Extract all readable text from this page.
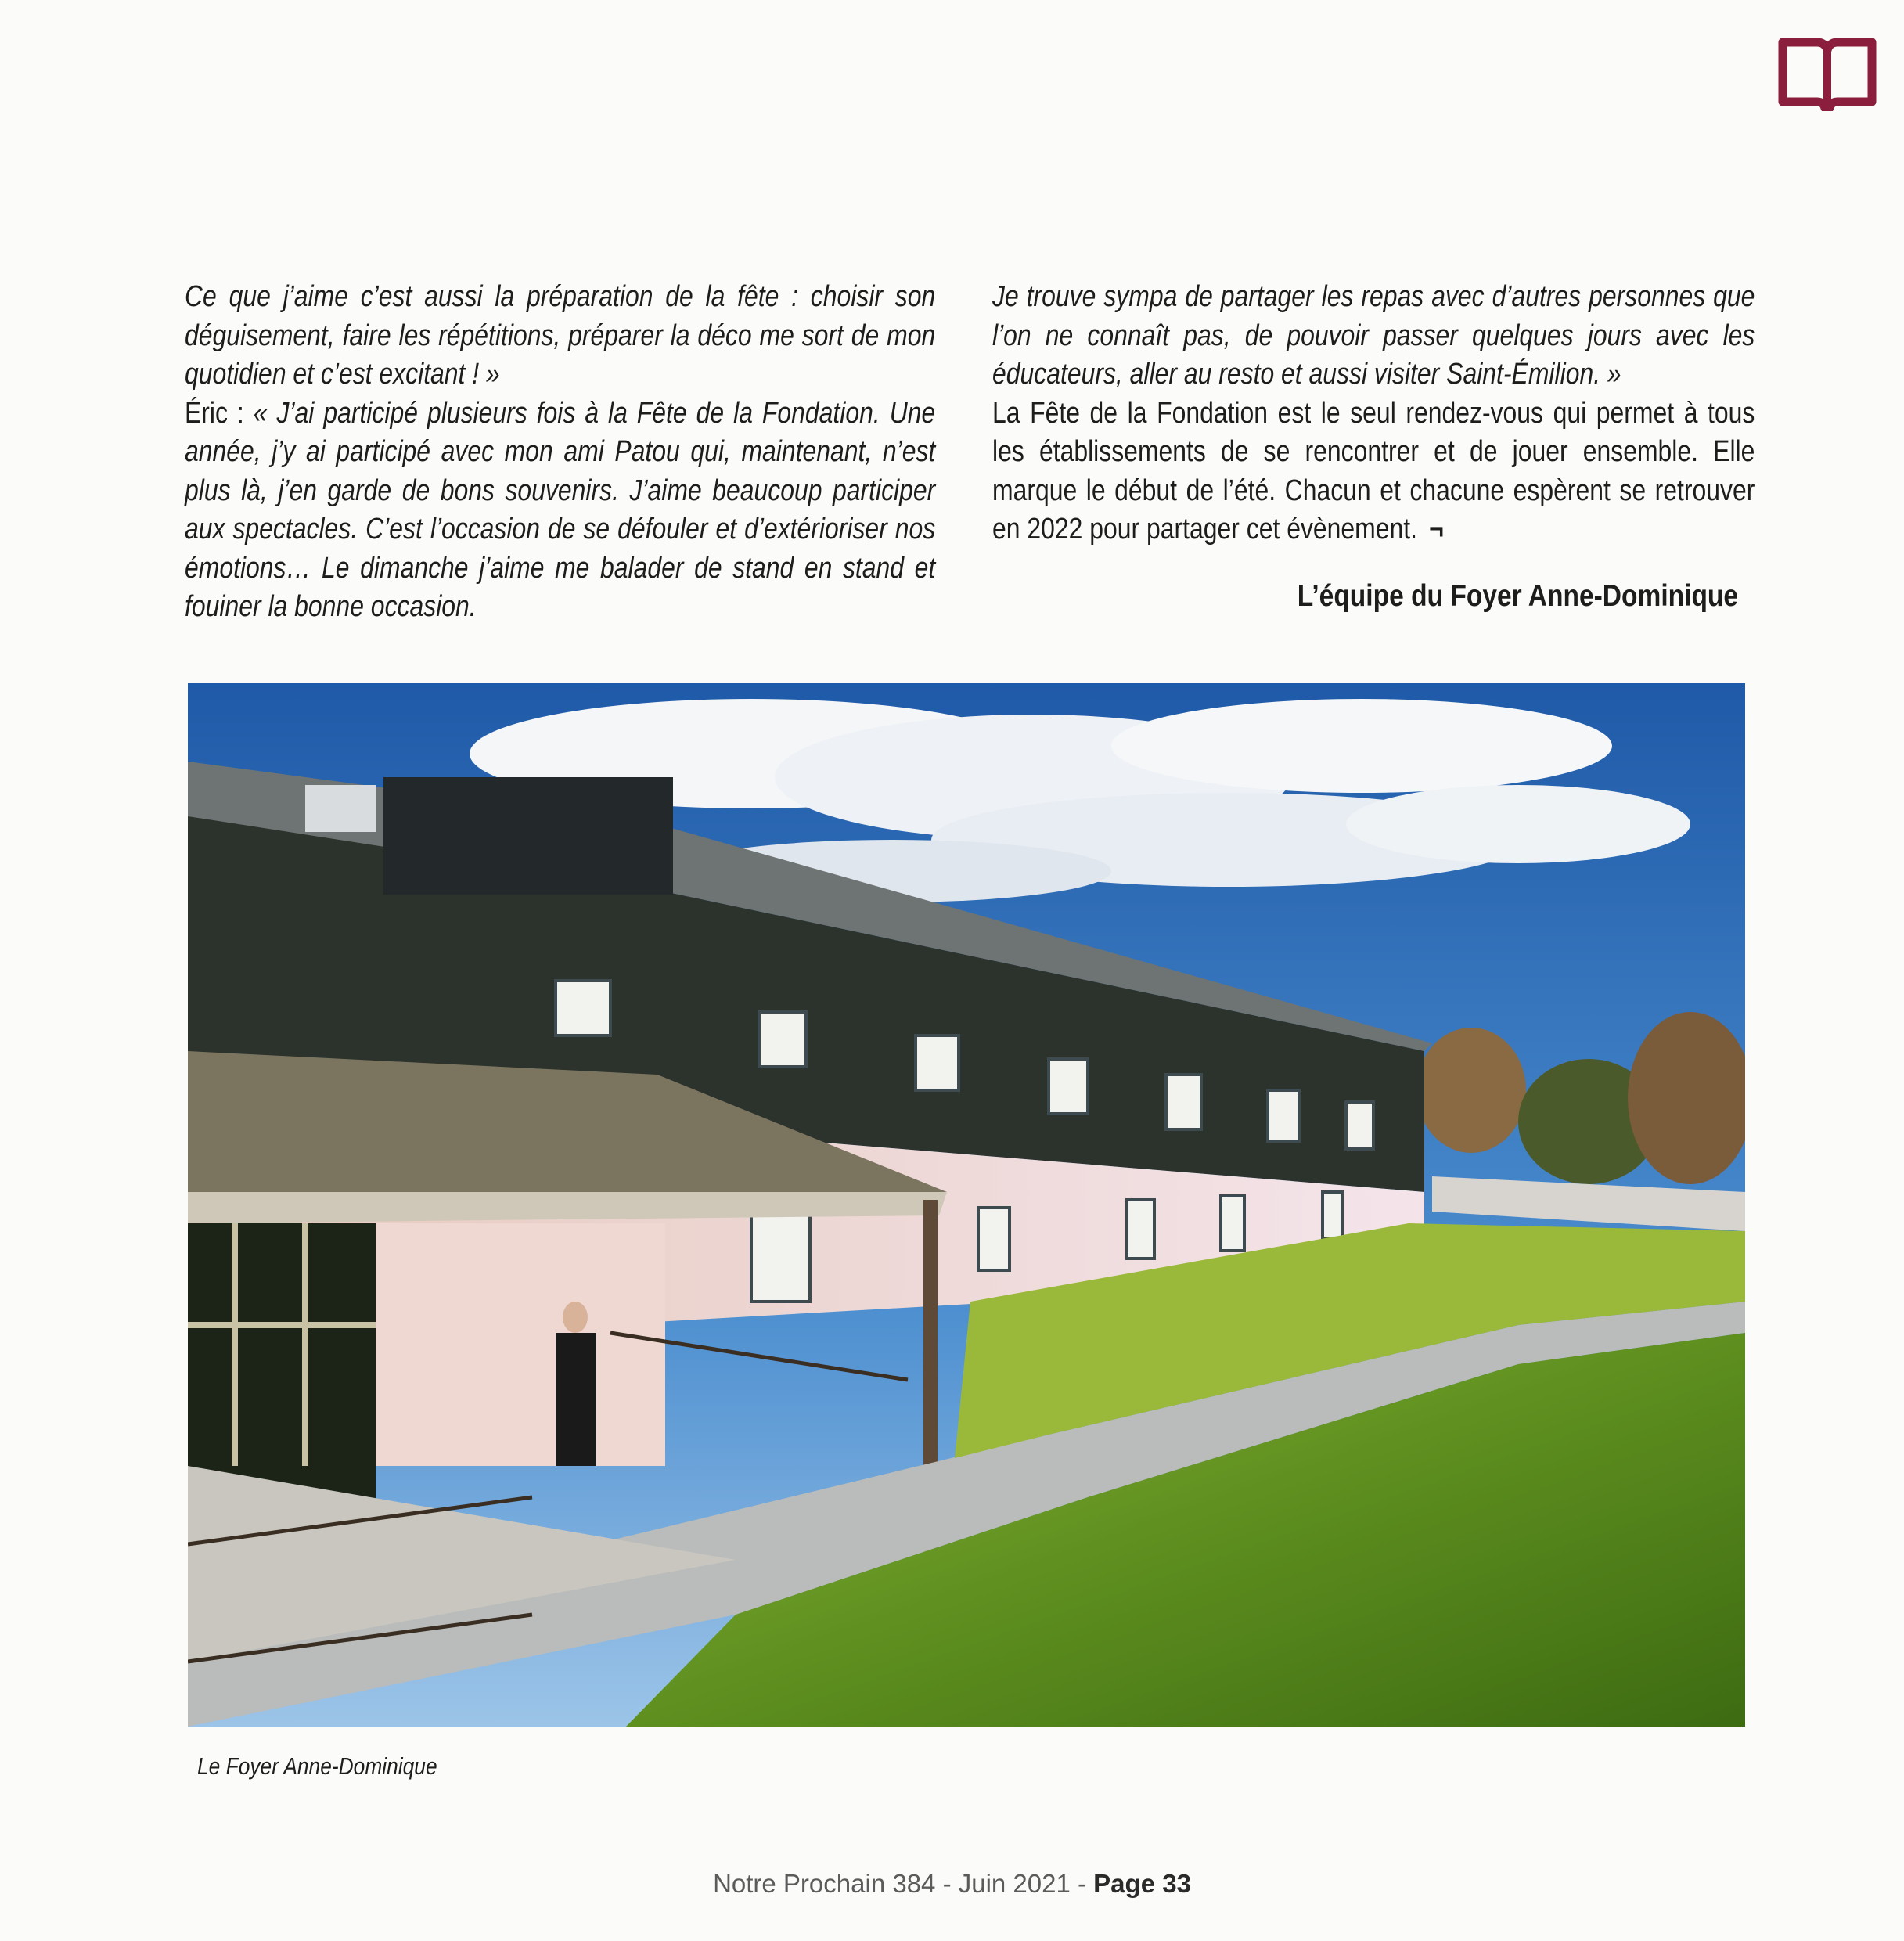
Ce que j’aime c’est aussi la préparation de la fête : choisir son déguisement, faire les répétitions, préparer la déco me sort de mon quotidien et c’est excitant ! »

Éric : « J’ai participé plusieurs fois à la Fête de la Fondation. Une année, j’y ai participé avec mon ami Patou qui, maintenant, n’est plus là, j’en garde de bons souvenirs. J’aime beaucoup participer aux spectacles. C’est l’occasion de se défouler et d’extérioriser nos émotions… Le dimanche j’aime me balader de stand en stand et fouiner la bonne occasion.

Je trouve sympa de partager les repas avec d’autres personnes que l’on ne connaît pas, de pouvoir passer quelques jours avec les éducateurs, aller au resto et aussi visiter Saint-Émilion. »

La Fête de la Fondation est le seul rendez-vous qui permet à tous les établissements de se rencontrer et de jouer ensemble. Elle marque le début de l’été. Chacun et chacune espèrent se retrouver en 2022 pour partager cet évènement. ¬

L’équipe du Foyer Anne-Dominique
Le Foyer Anne-Dominique
Notre Prochain 384 - Juin 2021 - Page 33
